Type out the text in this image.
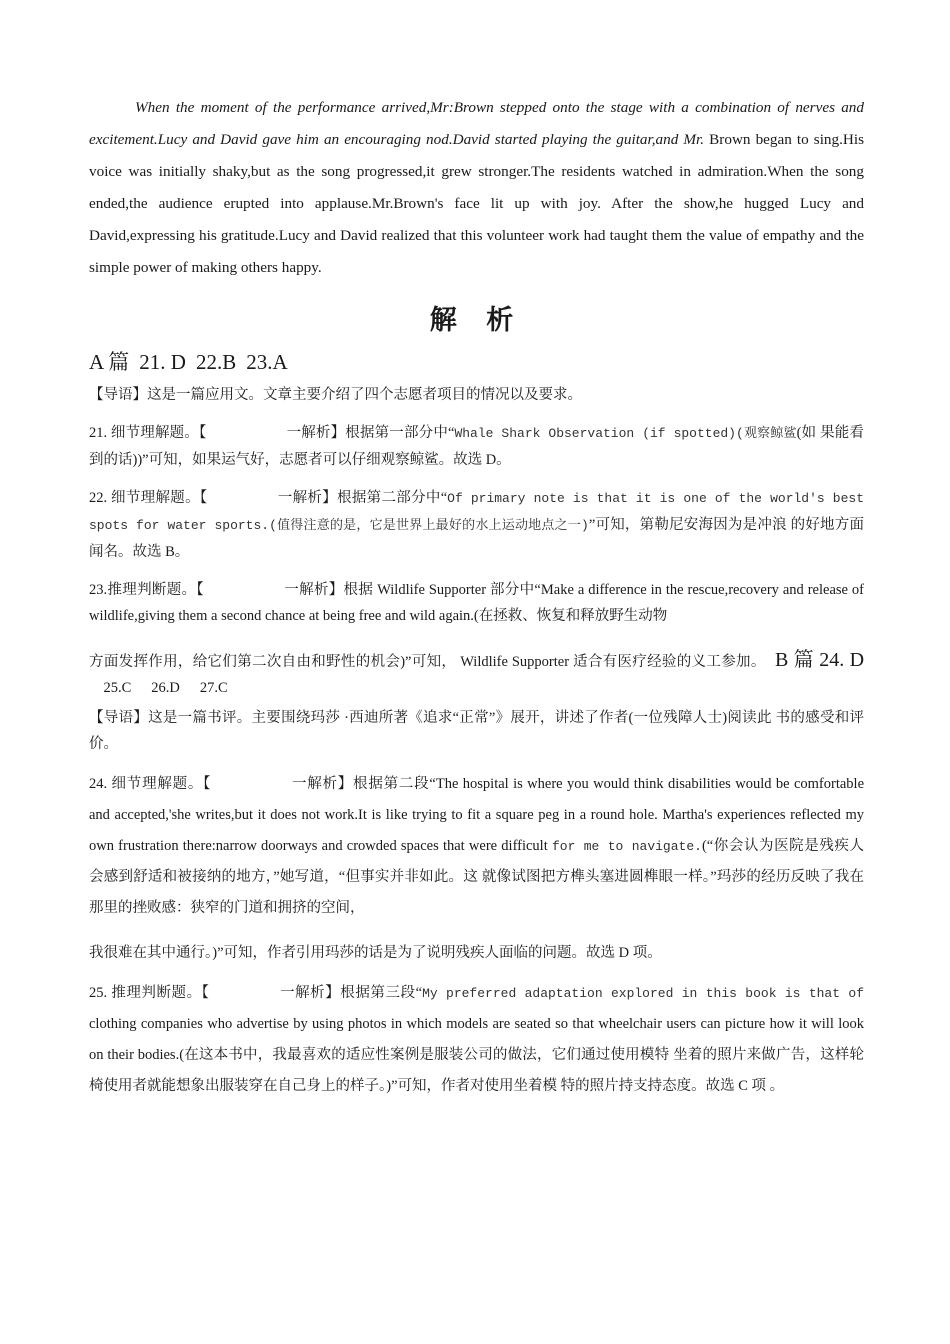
When the moment of the performance arrived,Mr:Brown stepped onto the stage with a combination of nerves and excitement.Lucy and David gave him an encouraging nod.David started playing the guitar,and Mr. Brown began to sing.His voice was initially shaky,but as the song progressed,it grew stronger.The residents watched in admiration.When the song ended,the audience erupted into applause.Mr.Brown's face lit up with joy. After the show,he hugged Lucy and David,expressing his gratitude.Lucy and David realized that this volunteer work had taught them the value of empathy and the simple power of making others happy.

解 析
A 篇 21. D 22.B 23.A

【导语】这是一篇应用文。文章主要介绍了四个志愿者项目的情况以及要求。

21. 细节理解题。【	一解析】根据第一部分中“Whale Shark Observation (if spotted)(观察鲸鲨(如 果能看到的话))”可知，如果运气好，志愿者可以仔细观察鲸鲨。故选 D。

22. 细节理解题。【	一解析】根据第二部分中“Of primary note is that it is one of the world's best spots for water sports.(值得注意的是，它是世界上最好的水上运动地点之一)”可知，第勒尼安海因为是冲浪 的好地方面闻名。故选 B。

23.推理判断题。【	一解析】根据 Wildlife Supporter 部分中“Make a difference in the rescue,recovery and release of wildlife,giving them a second chance at being free and wild again.(在拯救、恢复和释放野生动物

方面发挥作用，给它们第二次自由和野性的机会)”可知， Wildlife Supporter 适合有医疗经验的义工参加。 B 篇 24. D     25.C 26.D 27.C

【导语】这是一篇书评。主要围绕玛莎 ·西迪所著《追求“正常”》展开，讲述了作者(一位残障人士)阅读此 书的感受和评价。

24. 细节理解题。【	一解析】根据第二段“The hospital is where you would think disabilities would be comfortable and accepted,'she writes,but it does not work.It is like trying to fit a square peg in a round hole. Martha's experiences reflected my own frustration there:narrow doorways and crowded spaces that were difficult for me to navigate.(“你会认为医院是残疾人会感到舒适和被接纳的地方，”她写道，“但事实并非如此。这 就像试图把方榫头塞进圆榫眼一样。”玛莎的经历反映了我在那里的挫败感：狭窄的门道和拥挤的空间，

我很难在其中通行。)”可知，作者引用玛莎的话是为了说明残疾人面临的问题。故选 D 项。

25. 推理判断题。【	一解析】根据第三段“My preferred adaptation explored in this book is that of clothing companies who advertise by using photos in which models are seated so that wheelchair users can picture how it will look on their bodies.(在这本书中，我最喜欢的适应性案例是服装公司的做法，它们通过使用模特 坐着的照片来做广告，这样轮椅使用者就能想象出服装穿在自己身上的样子。)”可知，作者对使用坐着模 特的照片持支持态度。故选 C 项 。
